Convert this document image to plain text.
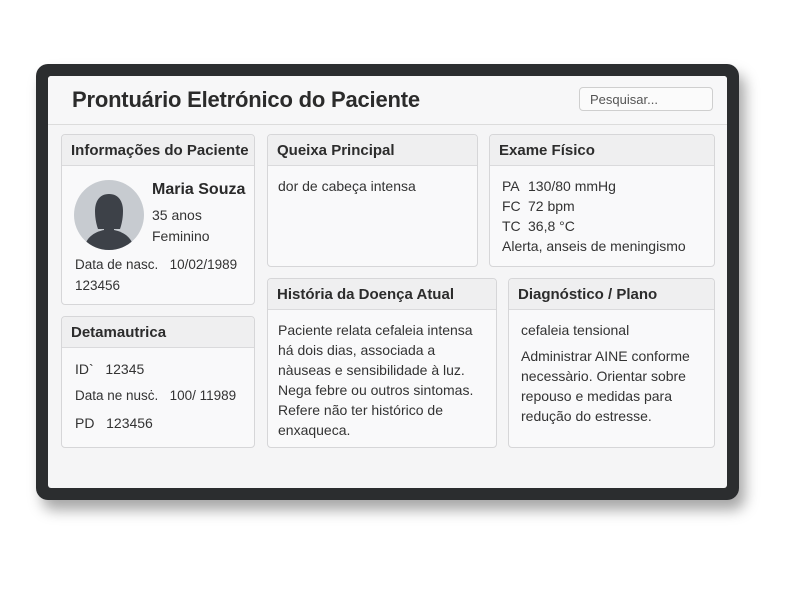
Prontuário Eletrónico do Paciente
Pesquisar...
Informações do Paciente
Maria Souza
35 anos
Feminino
Data de nasc. 10/02/1989
123456
Detamautrica
ID` 12345
Data ne nusċ. 100/ 11989
PD 123456
Queixa Principal
dor de cabeça intensa
Exame Físico
PA 130/80 mmHg
FC 72 bpm
TC 36,8 °C
Alerta, anseis de meningismo
História da Doença Atual
Paciente relata cefaleia intensa
há dois dias, associada a
nàuseas e sensibilidade à luz.
Nega febre ou outros sintomas.
Refere não ter histórico de
enxaqueca.
Diagnóstico / Plano
cefaleia tensional
Administrar AINE conforme
necessàrio. Orientar sobre
repouso e medidas para
redução do estresse.
